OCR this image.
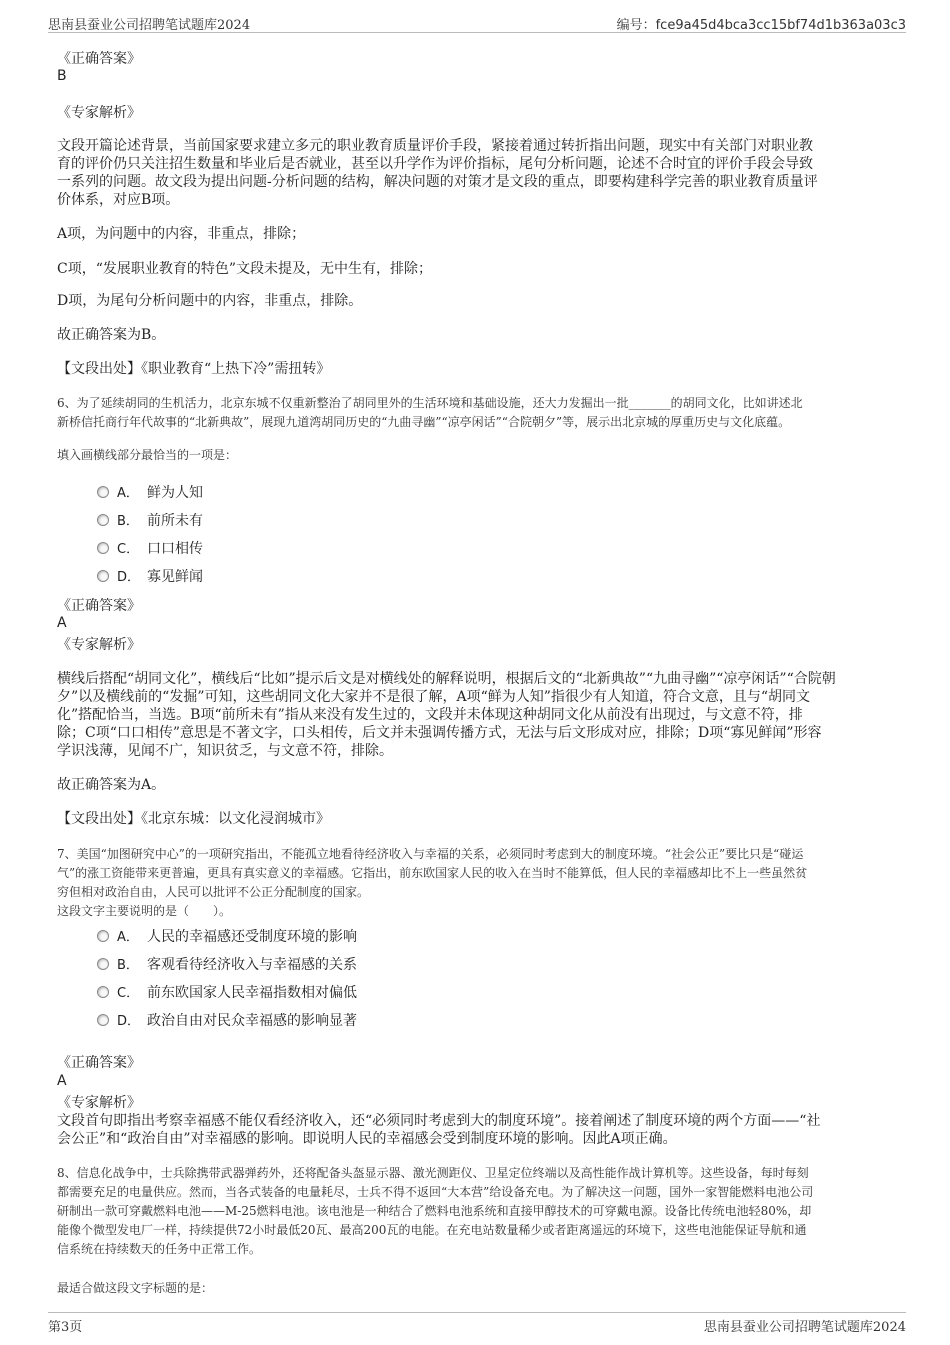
思南县蚕业公司招聘笔试题库2024	编号：fce9a45d4bca3cc15bf74d1b363a03c3
《正确答案》
B
《专家解析》
文段开篇论述背景，当前国家要求建立多元的职业教育质量评价手段，紧接着通过转折指出问题，现实中有关部门对职业教
育的评价仍只关注招生数量和毕业后是否就业，甚至以升学作为评价指标，尾句分析问题，论述不合时宜的评价手段会导致
一系列的问题。故文段为提出问题-分析问题的结构，解决问题的对策才是文段的重点，即要构建科学完善的职业教育质量评
价体系，对应B项。
A项，为问题中的内容，非重点，排除；
C项，“发展职业教育的特色”文段未提及，无中生有，排除；
D项，为尾句分析问题中的内容，非重点，排除。
故正确答案为B。
【文段出处】《职业教育“上热下冷”需扭转》
6、为了延续胡同的生机活力，北京东城不仅重新整治了胡同里外的生活环境和基础设施，还大力发掘出一批_______的胡同文化，比如讲述北
新桥信托商行年代故事的“北新典故”，展现九道湾胡同历史的“九曲寻幽”“凉亭闲话”“合院朝夕”等，展示出北京城的厚重历史与文化底蕴。
填入画横线部分最恰当的一项是：
A． 鲜为人知
B． 前所未有
C． 口口相传
D． 寡见鲜闻
《正确答案》
A
《专家解析》
横线后搭配“胡同文化”，横线后“比如”提示后文是对横线处的解释说明，根据后文的“北新典故”“九曲寻幽”“凉亭闲话”“合院朝
夕”以及横线前的“发掘”可知，这些胡同文化大家并不是很了解，A项“鲜为人知”指很少有人知道，符合文意，且与“胡同文
化”搭配恰当，当选。B项“前所未有”指从来没有发生过的，文段并未体现这种胡同文化从前没有出现过，与文意不符，排
除；C项“口口相传”意思是不著文字，口头相传，后文并未强调传播方式，无法与后文形成对应，排除；D项“寡见鲜闻”形容
学识浅薄，见闻不广，知识贫乏，与文意不符，排除。
故正确答案为A。
【文段出处】《北京东城：以文化浸润城市》
7、美国“加图研究中心”的一项研究指出，不能孤立地看待经济收入与幸福的关系，必须同时考虑到大的制度环境。“社会公正”要比只是“碰运
气”的涨工资能带来更普遍，更具有真实意义的幸福感。它指出，前东欧国家人民的收入在当时不能算低，但人民的幸福感却比不上一些虽然贫
穷但相对政治自由，人民可以批评不公正分配制度的国家。
这段文字主要说明的是（　　）。
A． 人民的幸福感还受制度环境的影响
B． 客观看待经济收入与幸福感的关系
C． 前东欧国家人民幸福指数相对偏低
D． 政治自由对民众幸福感的影响显著
《正确答案》
A
《专家解析》
文段首句即指出考察幸福感不能仅看经济收入，还“必须同时考虑到大的制度环境”。接着阐述了制度环境的两个方面——“社
会公正”和“政治自由”对幸福感的影响。即说明人民的幸福感会受到制度环境的影响。因此A项正确。
8、信息化战争中，士兵除携带武器弹药外，还将配备头盔显示器、激光测距仪、卫星定位终端以及高性能作战计算机等。这些设备，每时每刻
都需要充足的电量供应。然而，当各式装备的电量耗尽，士兵不得不返回“大本营”给设备充电。为了解决这一问题，国外一家智能燃料电池公司
研制出一款可穿戴燃料电池——M-25燃料电池。该电池是一种结合了燃料电池系统和直接甲醇技术的可穿戴电源。设备比传统电池轻80%，却
能像个微型发电厂一样，持续提供72小时最低20瓦、最高200瓦的电能。在充电站数量稀少或者距离遥远的环境下，这些电池能保证导航和通
信系统在持续数天的任务中正常工作。
最适合做这段文字标题的是：
第3页	思南县蚕业公司招聘笔试题库2024
